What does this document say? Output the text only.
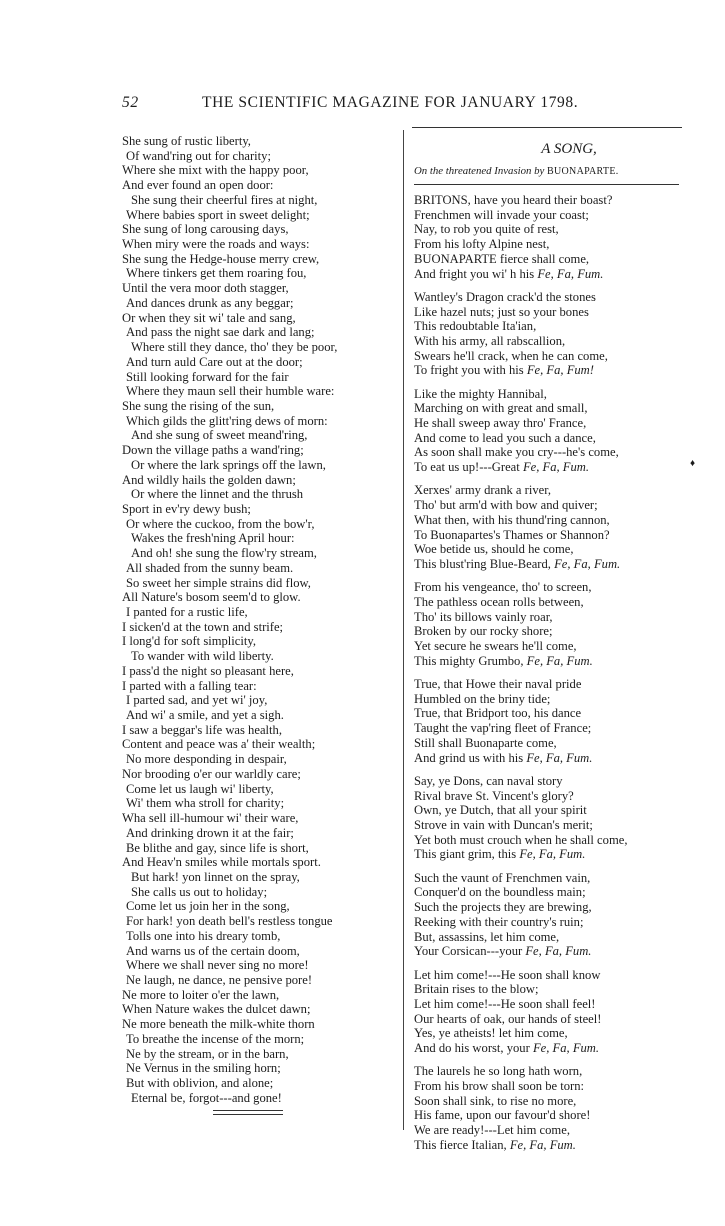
52	THE SCIENTIFIC MAGAZINE FOR JANUARY 1798.
She sung of rustic liberty,
Of wand'ring out for charity;
Where she mixt with the happy poor,
And ever found an open door:
She sung their cheerful fires at night,
Where babies sport in sweet delight;
She sung of long carousing days,
When miry were the roads and ways:
She sung the Hedge-house merry crew,
Where tinkers get them roaring fou,
Until the vera moor doth stagger,
And dances drunk as any beggar;
Or when they sit wi' tale and sang,
And pass the night sae dark and lang;
Where still they dance, tho' they be poor,
And turn auld Care out at the door;
Still looking forward for the fair
Where they maun sell their humble ware:
She sung the rising of the sun,
Which gilds the glitt'ring dews of morn:
And she sung of sweet meand'ring,
Down the village paths a wand'ring;
Or where the lark springs off the lawn,
And wildly hails the golden dawn;
Or where the linnet and the thrush
Sport in ev'ry dewy bush;
Or where the cuckoo, from the bow'r,
Wakes the fresh'ning April hour:
And oh! she sung the flow'ry stream,
All shaded from the sunny beam.
So sweet her simple strains did flow,
All Nature's bosom seem'd to glow.
I panted for a rustic life,
I sicken'd at the town and strife;
I long'd for soft simplicity,
To wander with wild liberty.
I pass'd the night so pleasant here,
I parted with a falling tear:
I parted sad, and yet wi' joy,
And wi' a smile, and yet a sigh.
I saw a beggar's life was health,
Content and peace was a' their wealth;
No more desponding in despair,
Nor brooding o'er our warldly care;
Come let us laugh wi' liberty,
Wi' them wha stroll for charity;
Wha sell ill-humour wi' their ware,
And drinking drown it at the fair;
Be blithe and gay, since life is short,
And Heav'n smiles while mortals sport.
But hark! yon linnet on the spray,
She calls us out to holiday;
Come let us join her in the song,
For hark! yon death bell's restless tongue
Tolls one into his dreary tomb,
And warns us of the certain doom,
Where we shall never sing no more!
Ne laugh, ne dance, ne pensive pore!
Ne more to loiter o'er the lawn,
When Nature wakes the dulcet dawn;
Ne more beneath the milk-white thorn
To breathe the incense of the morn;
Ne by the stream, or in the barn,
Ne Vernus in the smiling horn;
But with oblivion, and alone;
Eternal be, forgot---and gone!
A SONG,
On the threatened Invasion by BUONAPARTE.
BRITONS, have you heard their boast?
Frenchmen will invade your coast;
Nay, to rob you quite of rest,
From his lofty Alpine nest,
BUONAPARTE fierce shall come,
And fright you wi' h his Fe, Fa, Fum.
Wantley's Dragon crack'd the stones
Like hazel nuts; just so your bones
This redoubtable Ita'ian,
With his army, all rabscallion,
Swears he'll crack, when he can come,
To fright you with his Fe, Fa, Fum!
Like the mighty Hannibal,
Marching on with great and small,
He shall sweep away thro' France,
And come to lead you such a dance,
As soon shall make you cry---he's come,
To eat us up!---Great Fe, Fa, Fum.
Xerxes' army drank a river,
Tho' but arm'd with bow and quiver;
What then, with his thund'ring cannon,
To Buonapartes's Thames or Shannon?
Woe betide us, should he come,
This blust'ring Blue-Beard, Fe, Fa, Fum.
From his vengeance, tho' to screen,
The pathless ocean rolls between,
Tho' its billows vainly roar,
Broken by our rocky shore;
Yet secure he swears he'll come,
This mighty Grumbo, Fe, Fa, Fum.
True, that Howe their naval pride
Humbled on the briny tide;
True, that Bridport too, his dance
Taught the vap'ring fleet of France;
Still shall Buonaparte come,
And grind us with his Fe, Fa, Fum.
Say, ye Dons, can naval story
Rival brave St. Vincent's glory?
Own, ye Dutch, that all your spirit
Strove in vain with Duncan's merit;
Yet both must crouch when he shall come,
This giant grim, this Fe, Fa, Fum.
Such the vaunt of Frenchmen vain,
Conquer'd on the boundless main;
Such the projects they are brewing,
Reeking with their country's ruin;
But, assassins, let him come,
Your Corsican---your Fe, Fa, Fum.
Let him come!---He soon shall know
Britain rises to the blow;
Let him come!---He soon shall feel!
Our hearts of oak, our hands of steel!
Yes, ye atheists! let him come,
And do his worst, your Fe, Fa, Fum.
The laurels he so long hath worn,
From his brow shall soon be torn:
Soon shall sink, to rise no more,
His fame, upon our favour'd shore!
We are ready!---Let him come,
This fierce Italian, Fe, Fa, Fum.
♦
